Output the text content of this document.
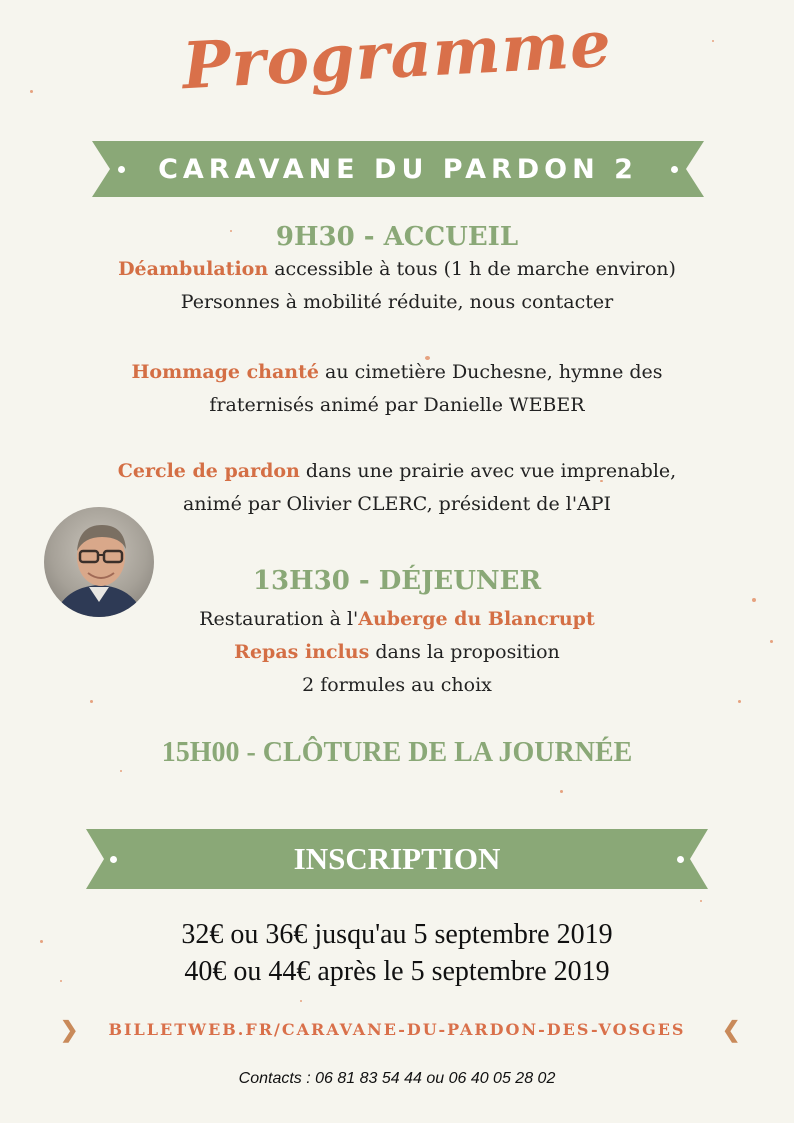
Programme
CARAVANE DU PARDON 2
9H30 - ACCUEIL
Déambulation accessible à tous (1 h de marche environ)
Personnes à mobilité réduite, nous contacter
Hommage chanté au cimetière Duchesne, hymne des
fraternisés animé par Danielle WEBER
Cercle de pardon dans une prairie avec vue imprenable,
animé par Olivier CLERC, président de l'API
13H30 - DÉJEUNER
Restauration à l'Auberge du Blancrupt
Repas inclus dans la proposition
2 formules au choix
15H00 - CLÔTURE DE LA JOURNÉE
INSCRIPTION
32€ ou 36€ jusqu'au 5 septembre 2019
40€ ou 44€ après le 5 septembre 2019
❯ BILLETWEB.FR/CARAVANE-DU-PARDON-DES-VOSGES ❮
Contacts : 06 81 83 54 44 ou 06 40 05 28 02
